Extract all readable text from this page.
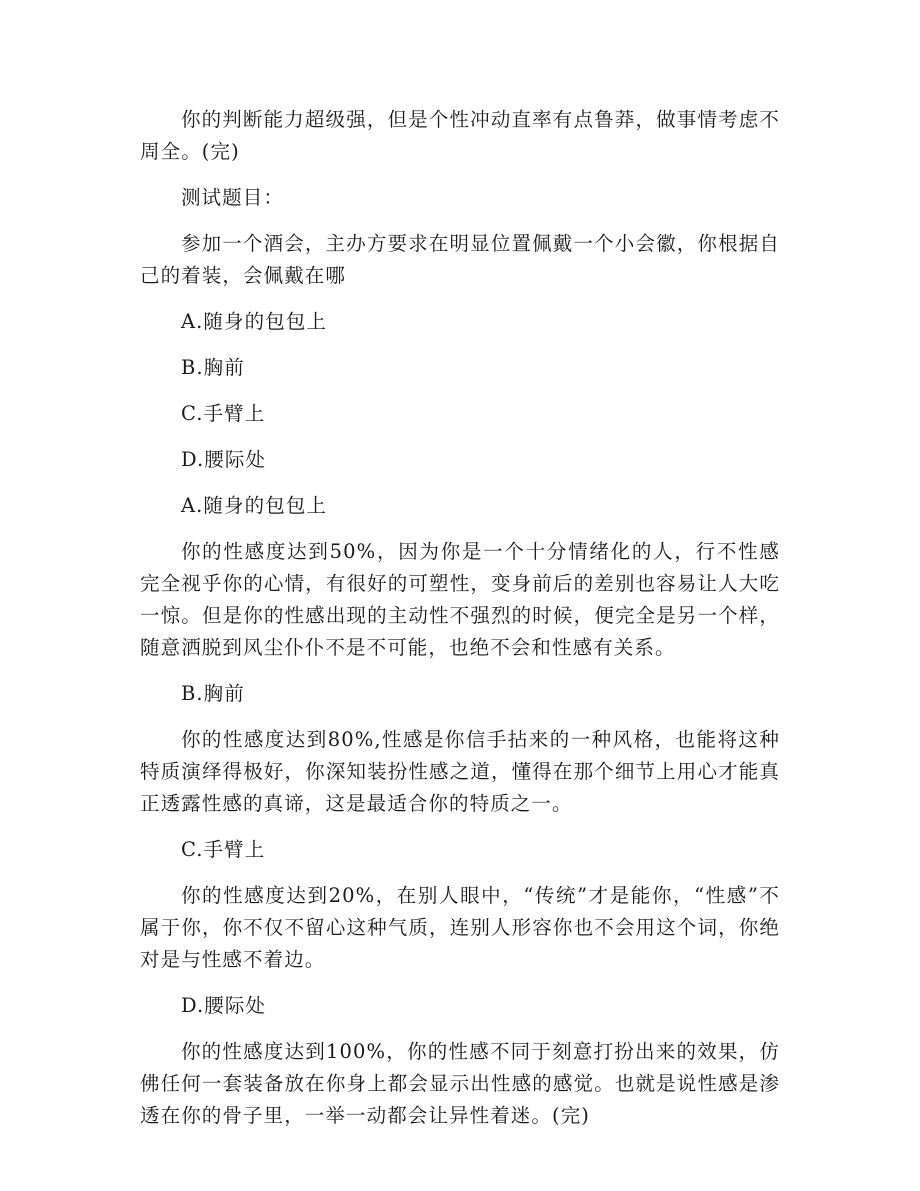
你的判断能力超级强，但是个性冲动直率有点鲁莽，做事情考虑不周全。(完)

测试题目：

参加一个酒会，主办方要求在明显位置佩戴一个小会徽，你根据自己的着装，会佩戴在哪

A.随身的包包上

B.胸前

C.手臂上

D.腰际处

A.随身的包包上

你的性感度达到50%，因为你是一个十分情绪化的人，行不性感完全视乎你的心情，有很好的可塑性，变身前后的差别也容易让人大吃一惊。但是你的性感出现的主动性不强烈的时候，便完全是另一个样，随意洒脱到风尘仆仆不是不可能，也绝不会和性感有关系。

B.胸前

你的性感度达到80%,性感是你信手拈来的一种风格，也能将这种特质演绎得极好，你深知装扮性感之道，懂得在那个细节上用心才能真正透露性感的真谛，这是最适合你的特质之一。

C.手臂上

你的性感度达到20%，在别人眼中，“传统”才是能你，“性感”不属于你，你不仅不留心这种气质，连别人形容你也不会用这个词，你绝对是与性感不着边。

D.腰际处

你的性感度达到100%，你的性感不同于刻意打扮出来的效果，仿佛任何一套装备放在你身上都会显示出性感的感觉。也就是说性感是渗透在你的骨子里，一举一动都会让异性着迷。(完)
